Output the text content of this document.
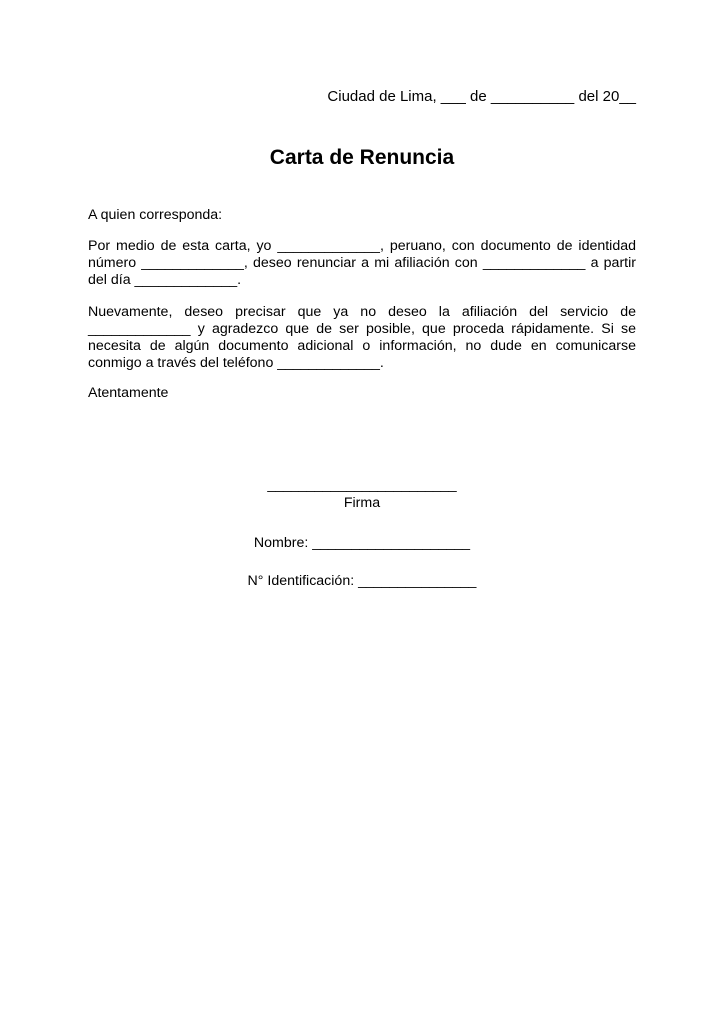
Ciudad de Lima, ___ de __________ del 20__
Carta de Renuncia
A quien corresponda:
Por medio de esta carta, yo _____________, peruano, con documento de identidad número _____________, deseo renunciar a mi afiliación con _____________ a partir del día _____________.
Nuevamente, deseo precisar que ya no deseo la afiliación del servicio de _____________ y agradezco que de ser posible, que proceda rápidamente. Si se necesita de algún documento adicional o información, no dude en comunicarse conmigo a través del teléfono _____________.
Atentamente
________________________
Firma
Nombre: ____________________
N° Identificación: _______________
